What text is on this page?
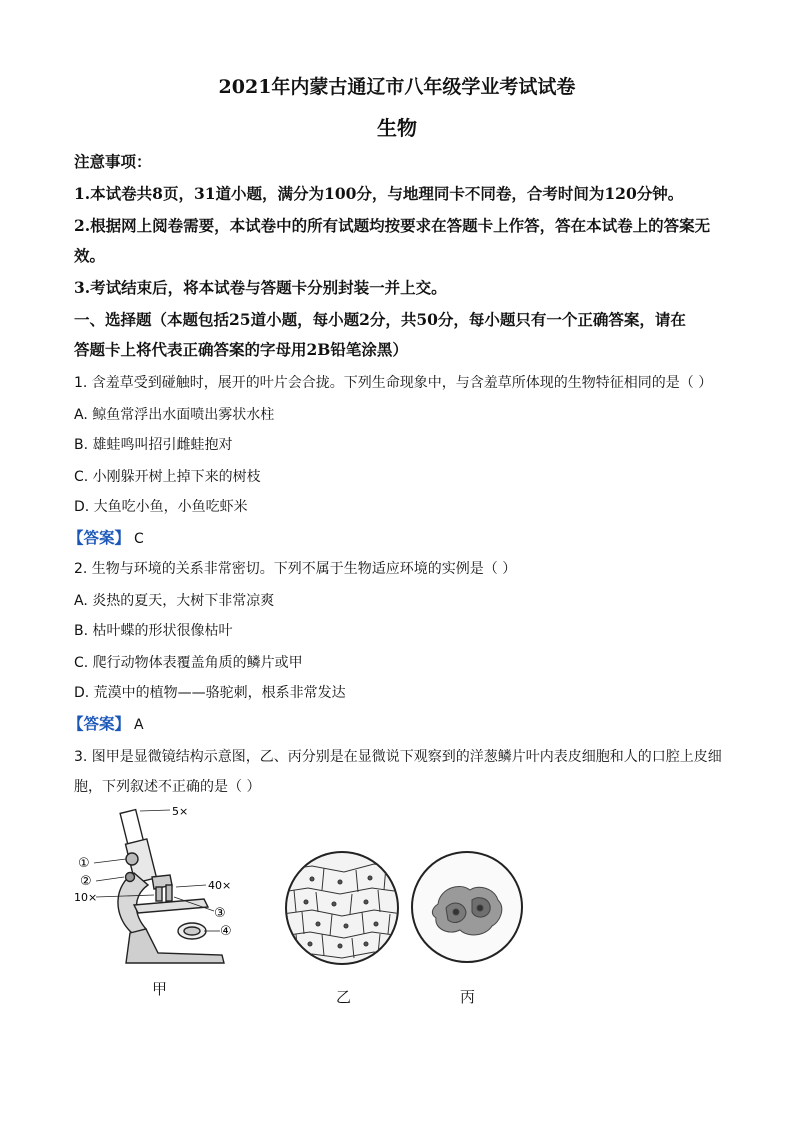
2021年内蒙古通辽市八年级学业考试试卷
生物
注意事项：
1.本试卷共8页，31道小题，满分为100分，与地理同卡不同卷，合考时间为120分钟。
2.根据网上阅卷需要，本试卷中的所有试题均按要求在答题卡上作答，答在本试卷上的答案无
效。
3.考试结束后，将本试卷与答题卡分别封装一并上交。
一、选择题（本题包括25道小题，每小题2分，共50分，每小题只有一个正确答案，请在
答题卡上将代表正确答案的字母用2B铅笔涂黑）
1. 含羞草受到碰触时，展开的叶片会合拢。下列生命现象中，与含羞草所体现的生物特征相同的是（ ）
A. 鲸鱼常浮出水面喷出雾状水柱
B. 雄蛙鸣叫招引雌蛙抱对
C. 小刚躲开树上掉下来的树枝
D. 大鱼吃小鱼，小鱼吃虾米
【答案】 C
2. 生物与环境的关系非常密切。下列不属于生物适应环境的实例是（ ）
A. 炎热的夏天，大树下非常凉爽
B. 枯叶蝶的形状很像枯叶
C. 爬行动物体表覆盖角质的鳞片或甲
D. 荒漠中的植物——骆驼刺，根系非常发达
【答案】 A
3. 图甲是显微镜结构示意图，乙、丙分别是在显微说下观察到的洋葱鳞片叶内表皮细胞和人的口腔上皮细
胞，下列叙述不正确的是（ ）
5×
①
②
10×
40×
③
④
甲	乙	丙
